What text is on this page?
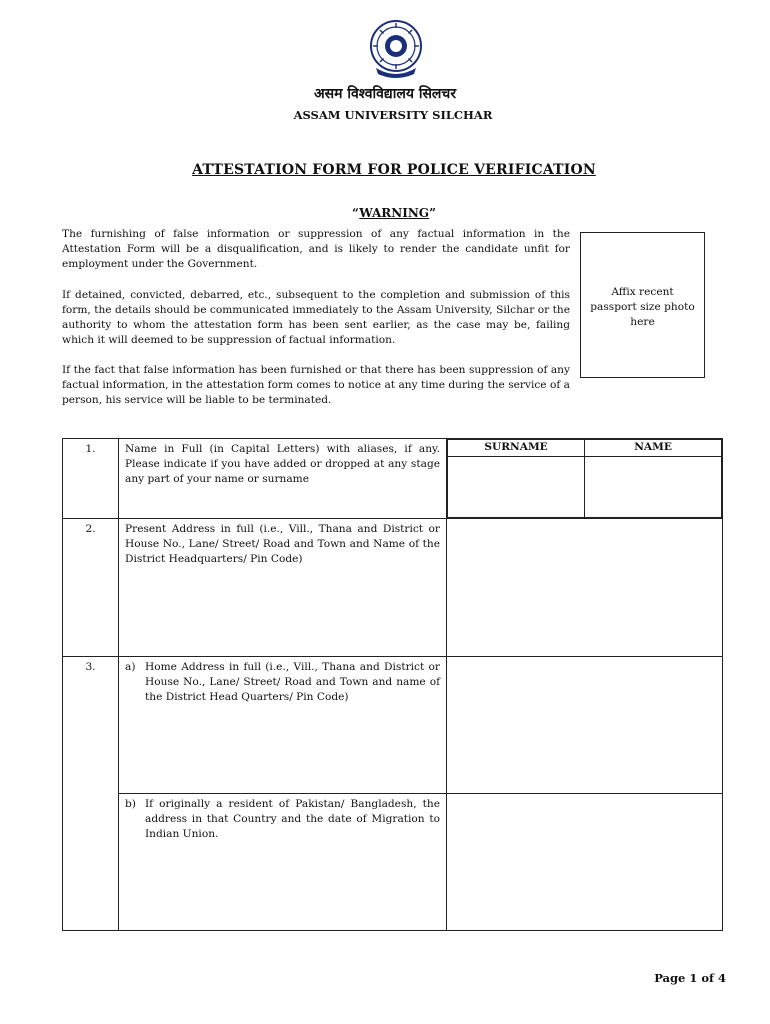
असम विश्वविद्यालय सिलचर
ASSAM UNIVERSITY SILCHAR
ATTESTATION FORM FOR POLICE VERIFICATION
“WARNING”

The furnishing of false information or suppression of any factual information in the Attestation Form will be a disqualification, and is likely to render the candidate unfit for employment under the Government.

If detained, convicted, debarred, etc., subsequent to the completion and submission of this form, the details should be communicated immediately to the Assam University, Silchar or the authority to whom the attestation form has been sent earlier, as the case may be, failing which it will deemed to be suppression of factual information.

If the fact that false information has been furnished or that there has been suppression of any factual information, in the attestation form comes to notice at any time during the service of a person, his service will be liable to be terminated.

Affix recent
passport size photo
here
1.	Name in Full (in Capital Letters) with aliases, if any. Please indicate if you have added or dropped at any stage any part of your name or surname	
SURNAME	NAME

2.	Present Address in full (i.e., Vill., Thana and District or House No., Lane/ Street/ Road and Town and Name of the District Headquarters/ Pin Code)	
3.	a) Home Address in full (i.e., Vill., Thana and District or House No., Lane/ Street/ Road and Town and name of the District Head Quarters/ Pin Code)

b) If originally a resident of Pakistan/ Bangladesh, the address in that Country and the date of Migration to Indian Union.

Page 1 of 4
